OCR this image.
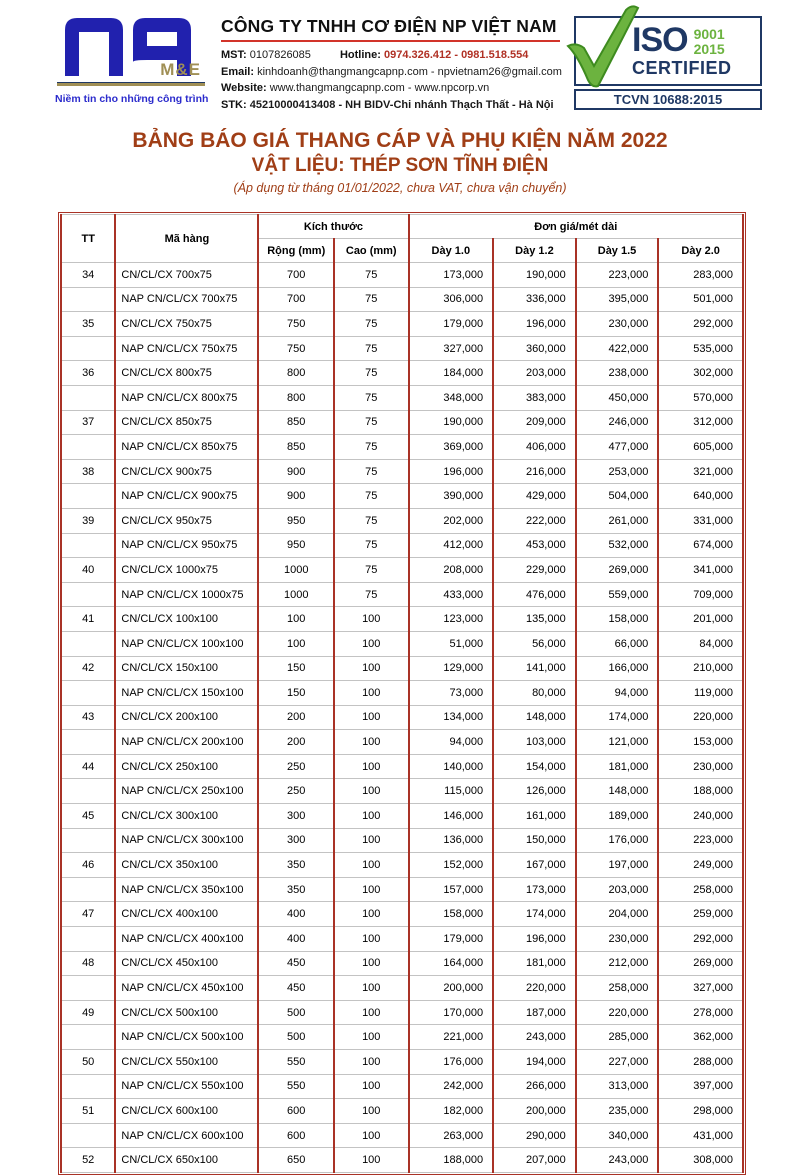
M&E
Niềm tin cho những công trình
CÔNG TY TNHH CƠ ĐIỆN NP VIỆT NAM
MST: 0107826085	Hotline: 0974.326.412 - 0981.518.554
Email: kinhdoanh@thangmangcapnp.com - npvietnam26@gmail.com
Website: www.thangmangcapnp.com - www.npcorp.vn
STK: 45210000413408 - NH BIDV-Chi nhánh Thạch Thất - Hà Nội
ISO 9001
2015
CERTIFIED
TCVN 10688:2015
BẢNG BÁO GIÁ THANG CÁP VÀ PHỤ KIỆN NĂM 2022
VẬT LIỆU: THÉP SƠN TĨNH ĐIỆN
(Áp dụng từ tháng 01/01/2022, chưa VAT, chưa vận chuyển)
TT	Mã hàng	Kích thước		Đơn giá/mét dài			
		Rộng (mm)	Cao (mm)	Dày 1.0	Dày 1.2	Dày 1.5	Dày 2.0
34	CN/CL/CX 700x75	700	75	173,000	190,000	223,000	283,000
	NAP CN/CL/CX 700x75	700	75	306,000	336,000	395,000	501,000
35	CN/CL/CX 750x75	750	75	179,000	196,000	230,000	292,000
	NAP CN/CL/CX 750x75	750	75	327,000	360,000	422,000	535,000
36	CN/CL/CX 800x75	800	75	184,000	203,000	238,000	302,000
	NAP CN/CL/CX 800x75	800	75	348,000	383,000	450,000	570,000
37	CN/CL/CX 850x75	850	75	190,000	209,000	246,000	312,000
	NAP CN/CL/CX 850x75	850	75	369,000	406,000	477,000	605,000
38	CN/CL/CX 900x75	900	75	196,000	216,000	253,000	321,000
	NAP CN/CL/CX 900x75	900	75	390,000	429,000	504,000	640,000
39	CN/CL/CX 950x75	950	75	202,000	222,000	261,000	331,000
	NAP CN/CL/CX 950x75	950	75	412,000	453,000	532,000	674,000
40	CN/CL/CX 1000x75	1000	75	208,000	229,000	269,000	341,000
	NAP CN/CL/CX 1000x75	1000	75	433,000	476,000	559,000	709,000
41	CN/CL/CX 100x100	100	100	123,000	135,000	158,000	201,000
	NAP CN/CL/CX 100x100	100	100	51,000	56,000	66,000	84,000
42	CN/CL/CX 150x100	150	100	129,000	141,000	166,000	210,000
	NAP CN/CL/CX 150x100	150	100	73,000	80,000	94,000	119,000
43	CN/CL/CX 200x100	200	100	134,000	148,000	174,000	220,000
	NAP CN/CL/CX 200x100	200	100	94,000	103,000	121,000	153,000
44	CN/CL/CX 250x100	250	100	140,000	154,000	181,000	230,000
	NAP CN/CL/CX 250x100	250	100	115,000	126,000	148,000	188,000
45	CN/CL/CX 300x100	300	100	146,000	161,000	189,000	240,000
	NAP CN/CL/CX 300x100	300	100	136,000	150,000	176,000	223,000
46	CN/CL/CX 350x100	350	100	152,000	167,000	197,000	249,000
	NAP CN/CL/CX 350x100	350	100	157,000	173,000	203,000	258,000
47	CN/CL/CX 400x100	400	100	158,000	174,000	204,000	259,000
	NAP CN/CL/CX 400x100	400	100	179,000	196,000	230,000	292,000
48	CN/CL/CX 450x100	450	100	164,000	181,000	212,000	269,000
	NAP CN/CL/CX 450x100	450	100	200,000	220,000	258,000	327,000
49	CN/CL/CX 500x100	500	100	170,000	187,000	220,000	278,000
	NAP CN/CL/CX 500x100	500	100	221,000	243,000	285,000	362,000
50	CN/CL/CX 550x100	550	100	176,000	194,000	227,000	288,000
	NAP CN/CL/CX 550x100	550	100	242,000	266,000	313,000	397,000
51	CN/CL/CX 600x100	600	100	182,000	200,000	235,000	298,000
	NAP CN/CL/CX 600x100	600	100	263,000	290,000	340,000	431,000
52	CN/CL/CX 650x100	650	100	188,000	207,000	243,000	308,000
